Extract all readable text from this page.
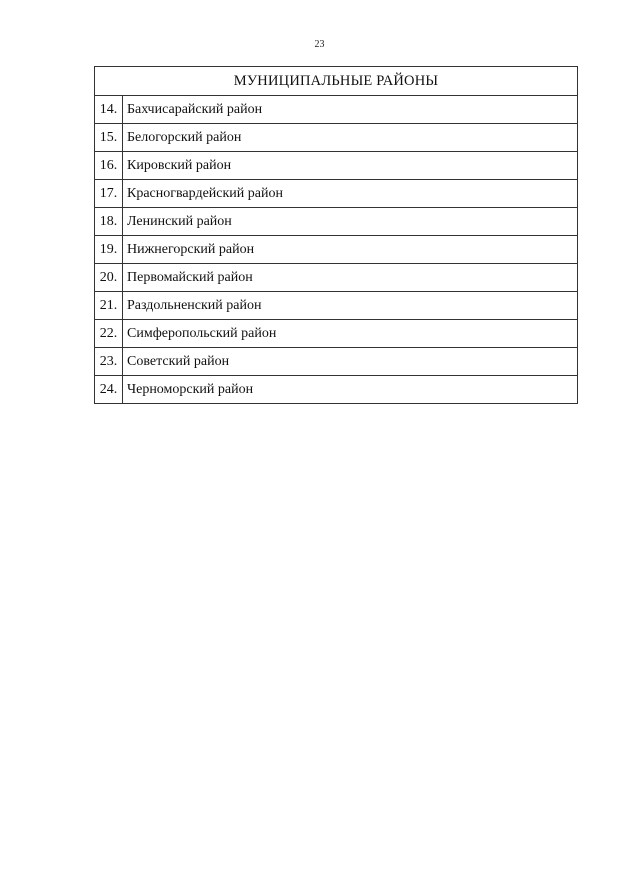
23
МУНИЦИПАЛЬНЫЕ РАЙОНЫ	
14.	Бахчисарайский район
15.	Белогорский район
16.	Кировский район
17.	Красногвардейский район
18.	Ленинский район
19.	Нижнегорский район
20.	Первомайский район
21.	Раздольненский район
22.	Симферопольский район
23.	Советский район
24.	Черноморский район
